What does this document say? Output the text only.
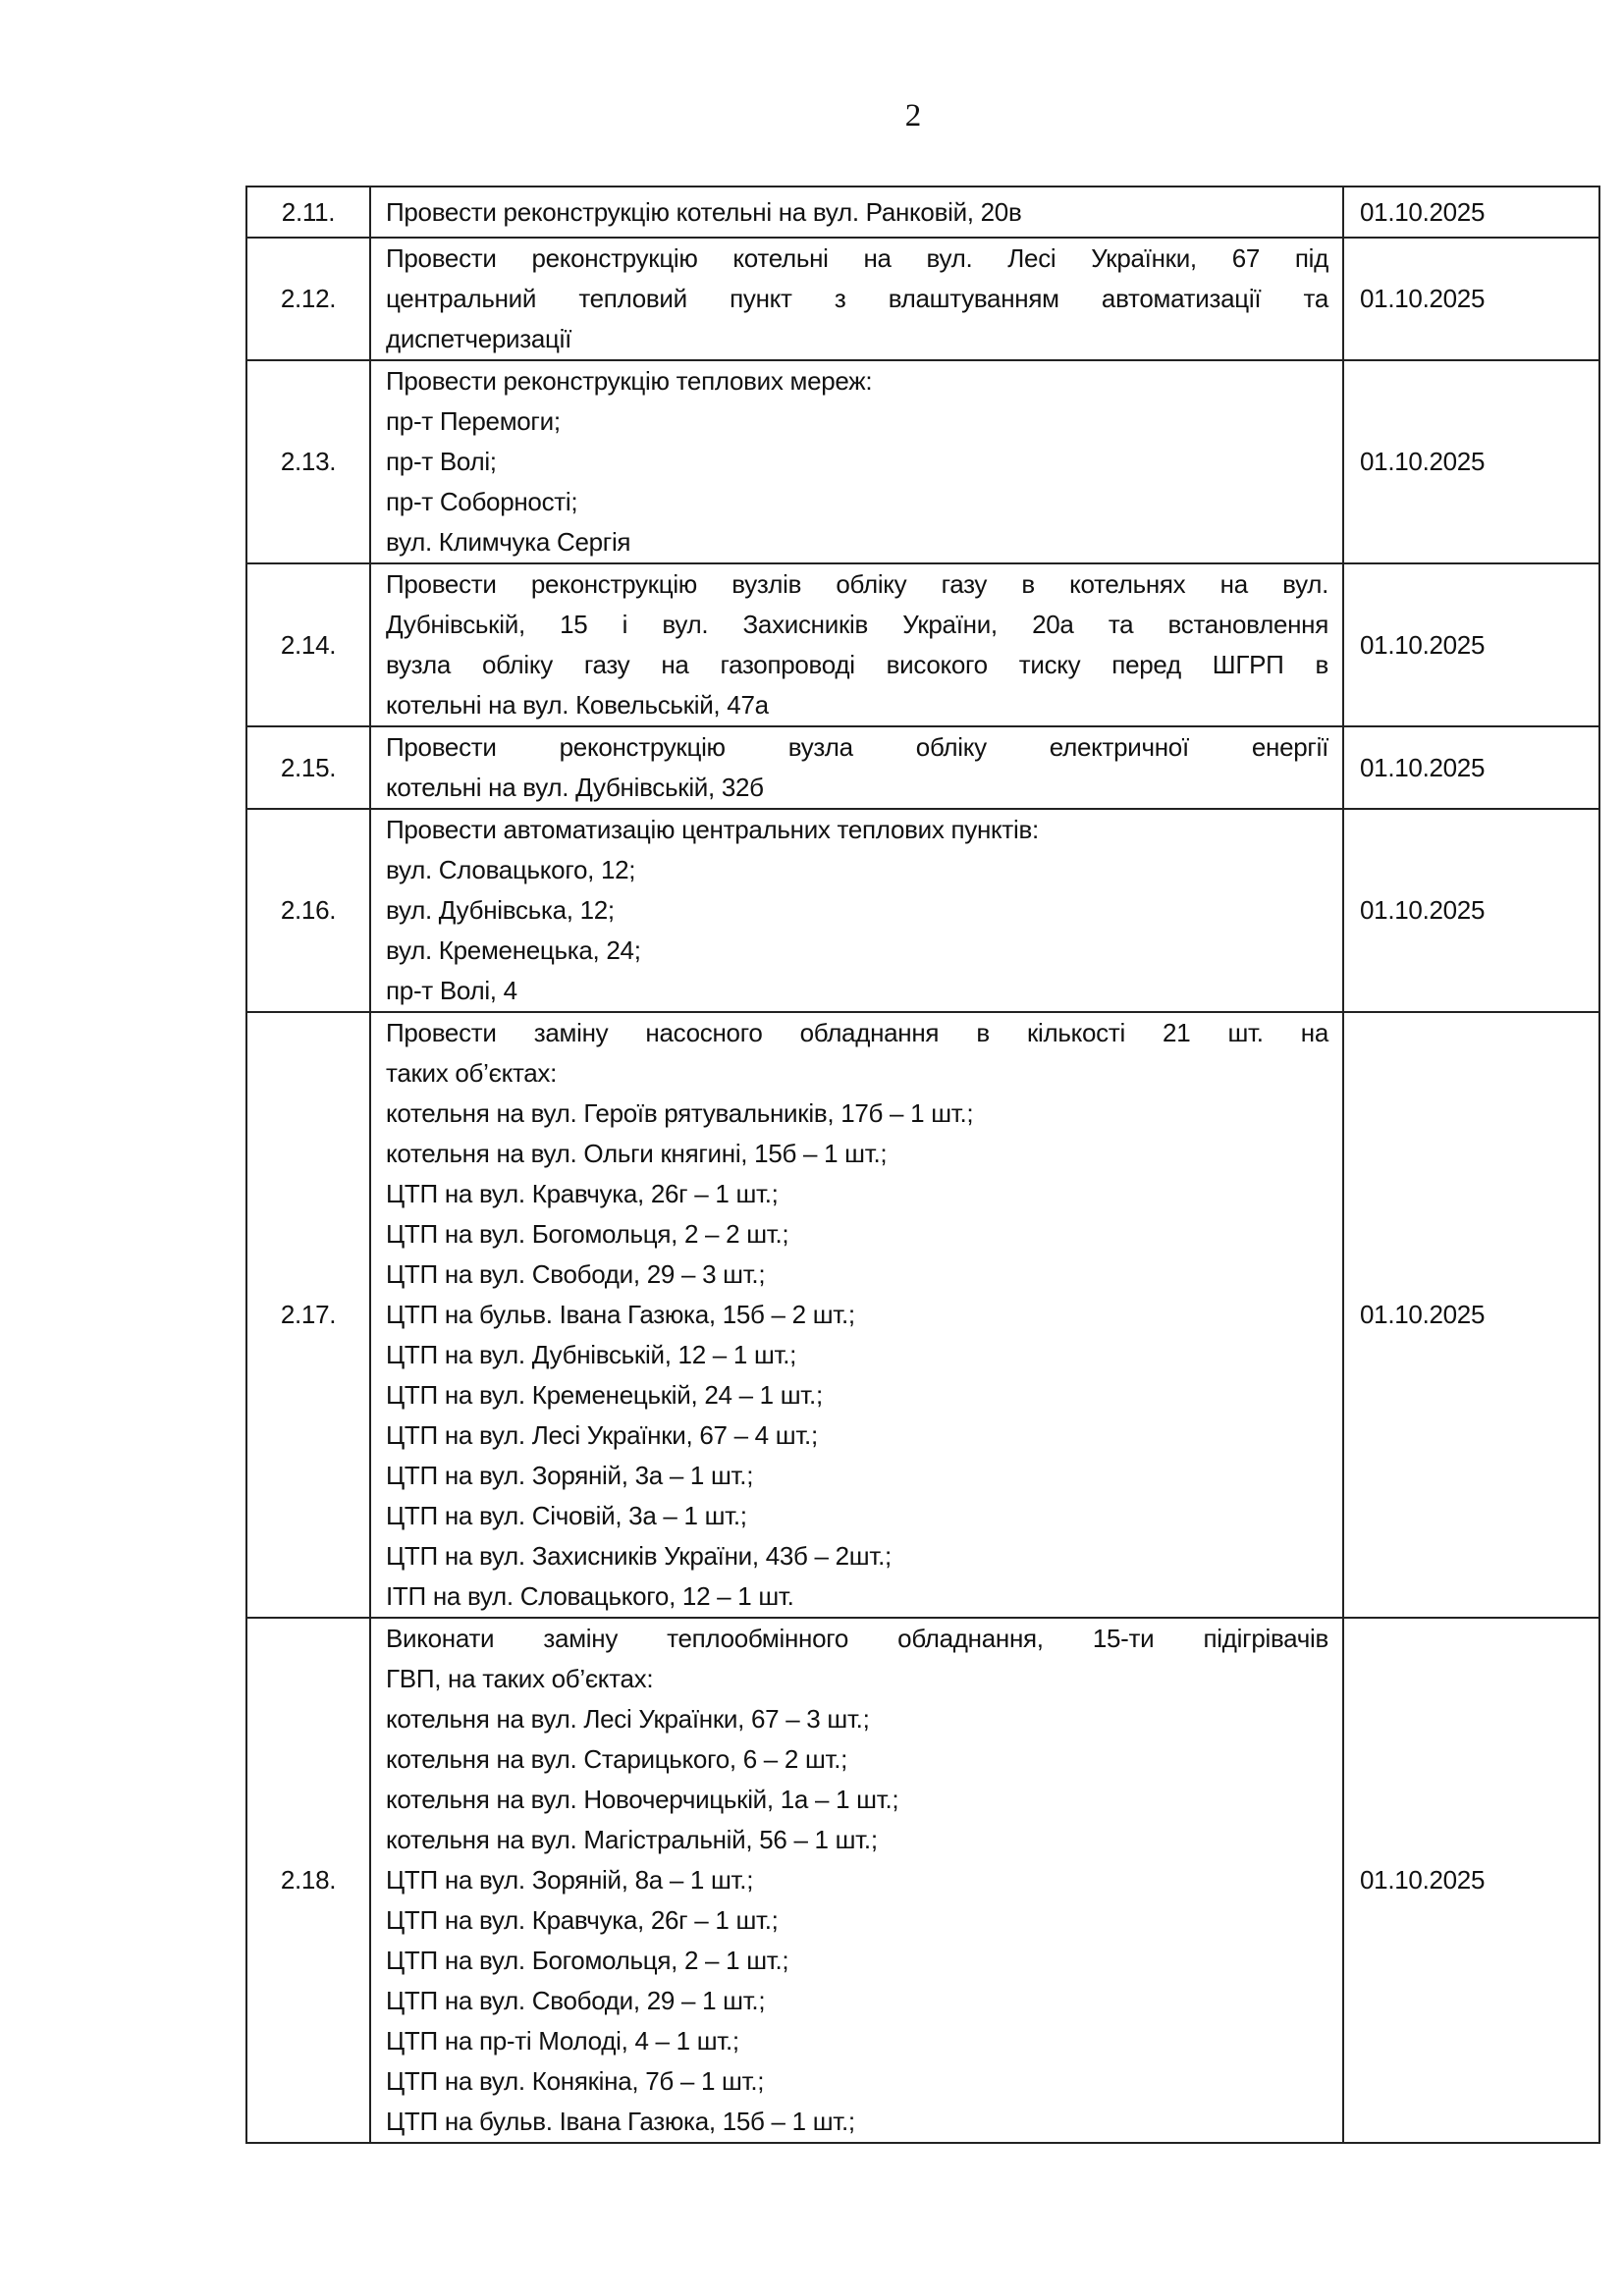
2
2.11.	Провести реконструкцію котельні на вул. Ранковій, 20в	01.10.2025
2.12.	Провести реконструкцію котельні на вул. Лесі Українки, 67 під
центральний тепловий пункт з влаштуванням автоматизації та
диспетчеризації	01.10.2025
2.13.	Провести реконструкцію теплових мереж:
пр-т Перемоги;
пр-т Волі;
пр-т Соборності;
вул. Климчука Сергія	01.10.2025
2.14.	Провести реконструкцію вузлів обліку газу в котельнях на вул.
Дубнівській, 15 і вул. Захисників України, 20а та встановлення
вузла обліку газу на газопроводі високого тиску перед ШГРП в
котельні на вул. Ковельській, 47а	01.10.2025
2.15.	Провести реконструкцію вузла обліку електричної енергії
котельні на вул. Дубнівській, 32б	01.10.2025
2.16.	Провести автоматизацію центральних теплових пунктів:
вул. Словацького, 12;
вул. Дубнівська, 12;
вул. Кременецька, 24;
пр-т Волі, 4	01.10.2025
2.17.	
Провести заміну насосного обладнання в кількості 21 шт. на
таких об’єктах:
котельня на вул. Героїв рятувальників, 17б – 1 шт.;
котельня на вул. Ольги княгині, 15б – 1 шт.;
ЦТП на вул. Кравчука, 26г – 1 шт.;
ЦТП на вул. Богомольця, 2 – 2 шт.;
ЦТП на вул. Свободи, 29 – 3 шт.;
ЦТП на бульв. Івана Газюка, 15б – 2 шт.;
ЦТП на вул. Дубнівській, 12 – 1 шт.;
ЦТП на вул. Кременецькій, 24 – 1 шт.;
ЦТП на вул. Лесі Українки, 67 – 4 шт.;
ЦТП на вул. Зоряній, 3а – 1 шт.;
ЦТП на вул. Січовій, 3а – 1 шт.;
ЦТП на вул. Захисників України, 43б – 2шт.;
ІТП на вул. Словацького, 12 – 1 шт.
	01.10.2025
2.18.	
Виконати заміну теплообмінного обладнання, 15-ти підігрівачів
ГВП, на таких об’єктах:
котельня на вул. Лесі Українки, 67 – 3 шт.;
котельня на вул. Старицького, 6 – 2 шт.;
котельня на вул. Новочерчицькій, 1а – 1 шт.;
котельня на вул. Магістральній, 56 – 1 шт.;
ЦТП на вул. Зоряній, 8а – 1 шт.;
ЦТП на вул. Кравчука, 26г – 1 шт.;
ЦТП на вул. Богомольця, 2 – 1 шт.;
ЦТП на вул. Свободи, 29 – 1 шт.;
ЦТП на пр-ті Молоді, 4 – 1 шт.;
ЦТП на вул. Конякіна, 7б – 1 шт.;
ЦТП на бульв. Івана Газюка, 15б – 1 шт.;
	01.10.2025
